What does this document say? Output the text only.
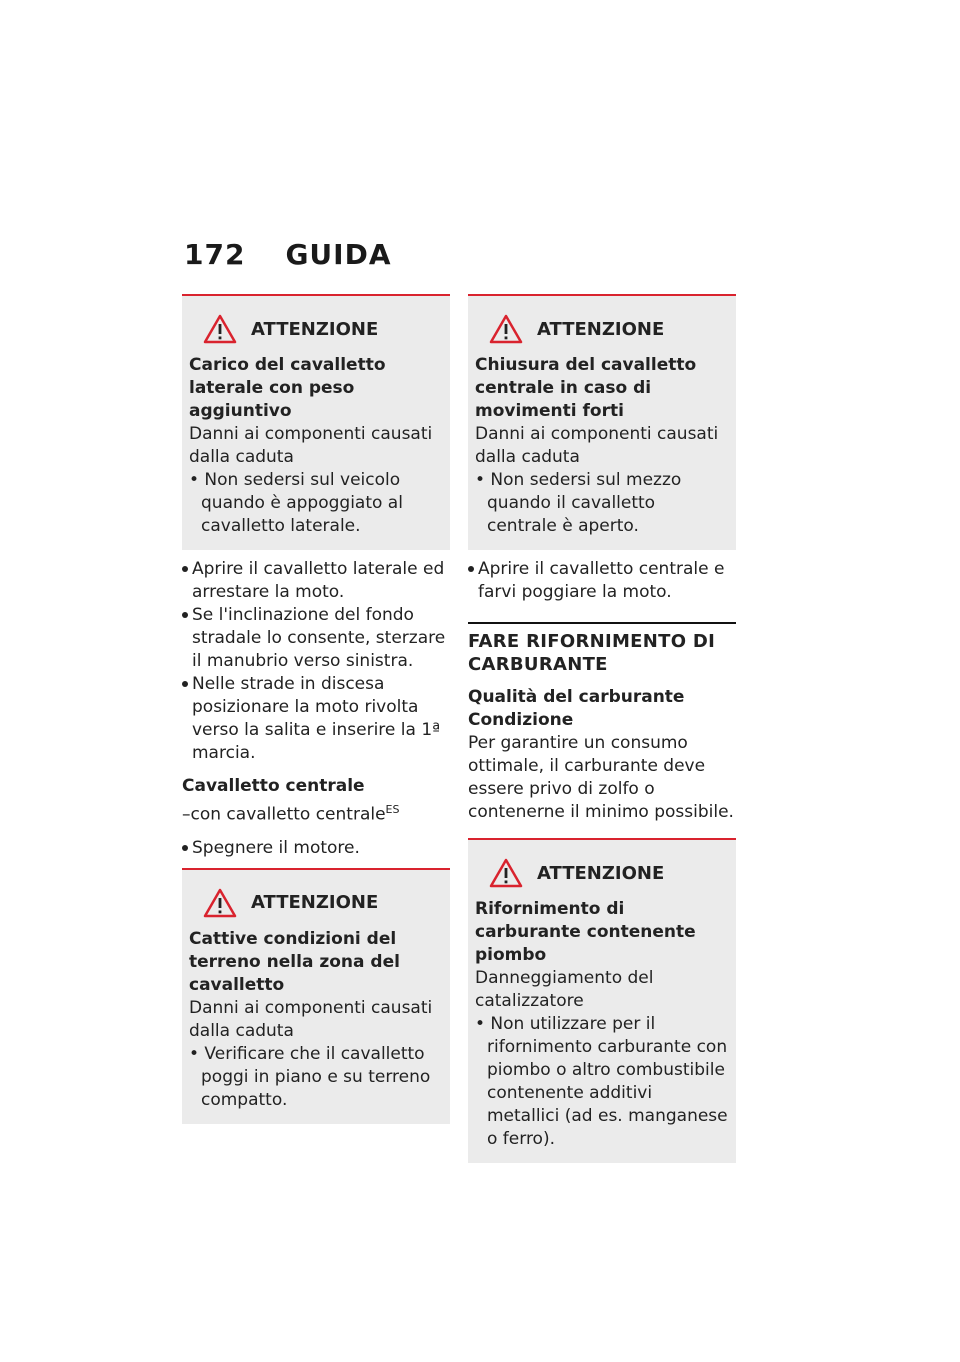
172 GUIDA
ATTENZIONE
Carico del cavalletto laterale con peso aggiuntivo
Danni ai componenti causati dalla caduta
• Non sedersi sul veicolo quando è appoggiato al cavalletto laterale.
Aprire il cavalletto laterale ed arrestare la moto.
Se l'inclinazione del fondo stradale lo consente, sterzare il manubrio verso sinistra.
Nelle strade in discesa posizionare la moto rivolta verso la salita e inserire la 1ª marcia.
Cavalletto centrale
–con cavalletto centrale$^{ES}$
Spegnere il motore.
ATTENZIONE
Cattive condizioni del terreno nella zona del cavalletto
Danni ai componenti causati dalla caduta
• Verificare che il cavalletto poggi in piano e su terreno compatto.
ATTENZIONE
Chiusura del cavalletto centrale in caso di movimenti forti
Danni ai componenti causati dalla caduta
• Non sedersi sul mezzo quando il cavalletto centrale è aperto.
Aprire il cavalletto centrale e farvi poggiare la moto.
FARE RIFORNIMENTO DI CARBURANTE
Qualità del carburante
Condizione
Per garantire un consumo ottimale, il carburante deve essere privo di zolfo o contenerne il minimo possibile.
ATTENZIONE
Rifornimento di carburante contenente piombo
Danneggiamento del catalizzatore
• Non utilizzare per il rifornimento carburante con piombo o altro combustibile contenente additivi metallici (ad es. manganese o ferro).
